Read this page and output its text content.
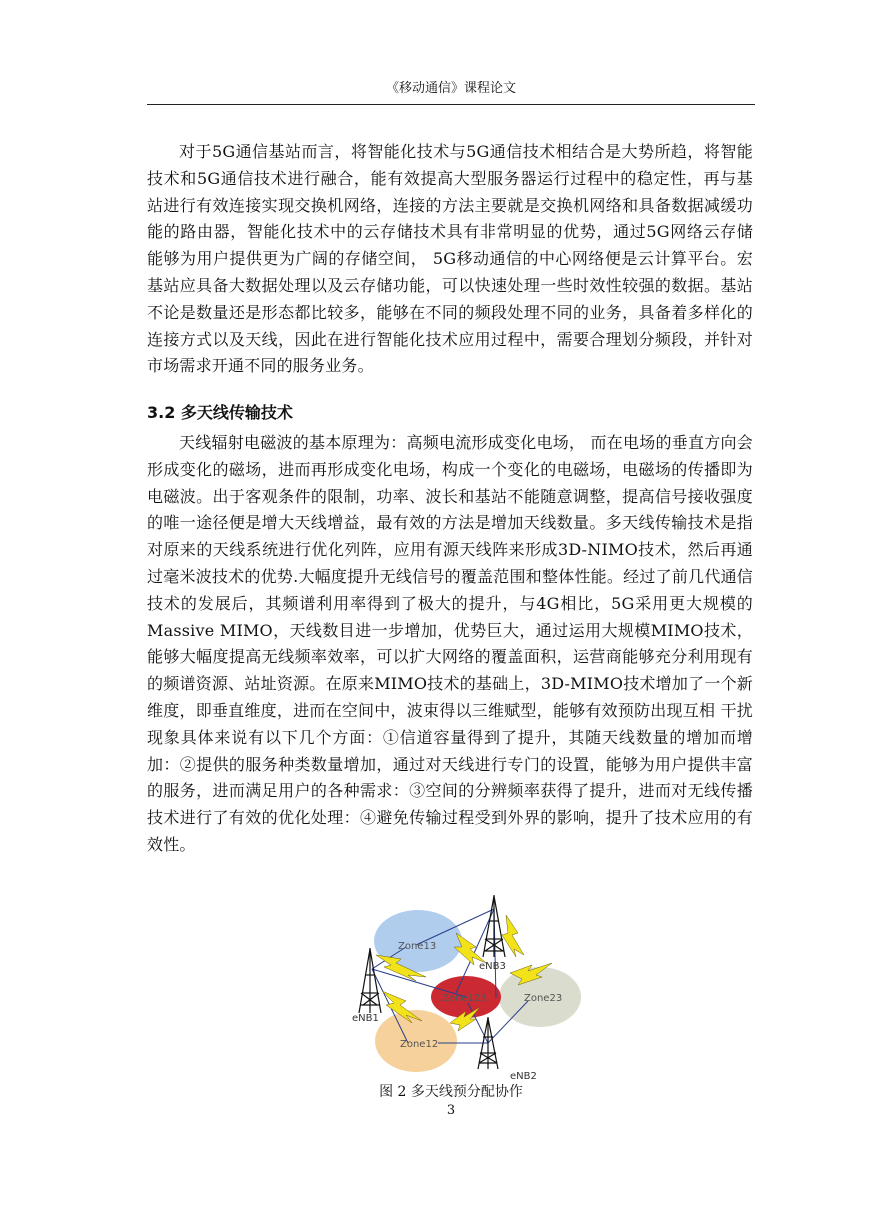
《移动通信》课程论文
对于5G通信基站而言，将智能化技术与5G通信技术相结合是大势所趋，将智能技术和5G通信技术进行融合，能有效提高大型服务器运行过程中的稳定性，再与基站进行有效连接实现交换机网络，连接的方法主要就是交换机网络和具备数据减缓功能的路由器，智能化技术中的云存储技术具有非常明显的优势，通过5G网络云存储能够为用户提供更为广阔的存储空间， 5G移动通信的中心网络便是云计算平台。宏基站应具备大数据处理以及云存储功能，可以快速处理一些时效性较强的数据。基站不论是数量还是形态都比较多，能够在不同的频段处理不同的业务，具备着多样化的连接方式以及天线，因此在进行智能化技术应用过程中，需要合理划分频段，并针对市场需求开通不同的服务业务。
3.2 多天线传输技术
天线辐射电磁波的基本原理为：高频电流形成变化电场， 而在电场的垂直方向会形成变化的磁场，进而再形成变化电场，构成一个变化的电磁场，电磁场的传播即为电磁波。出于客观条件的限制，功率、波长和基站不能随意调整，提高信号接收强度的唯一途径便是增大天线增益，最有效的方法是增加天线数量。多天线传输技术是指对原来的天线系统进行优化列阵，应用有源天线阵来形成3D-NIMO技术，然后再通过毫米波技术的优势.大幅度提升无线信号的覆盖范围和整体性能。经过了前几代通信技术的发展后，其频谱利用率得到了极大的提升，与4G相比，5G采用更大规模的Massive MIMO，天线数目进一步增加，优势巨大，通过运用大规模MIMO技术，能够大幅度提高无线频率效率，可以扩大网络的覆盖面积，运营商能够充分利用现有的频谱资源、站址资源。在原来MIMO技术的基础上，3D-MIMO技术增加了一个新维度，即垂直维度，进而在空间中，波束得以三维赋型，能够有效预防出现互相 干扰现象具体来说有以下几个方面：①信道容量得到了提升，其随天线数量的增加而增加：②提供的服务种类数量增加，通过对天线进行专门的设置，能够为用户提供丰富的服务，进而满足用户的各种需求：③空间的分辨频率获得了提升，进而对无线传播技术进行了有效的优化处理：④避免传输过程受到外界的影响，提升了技术应用的有效性。
Zone13
Zone123	Zone23
Zone12
eNB1
eNB3
eNB2
图 2 多天线预分配协作
3
